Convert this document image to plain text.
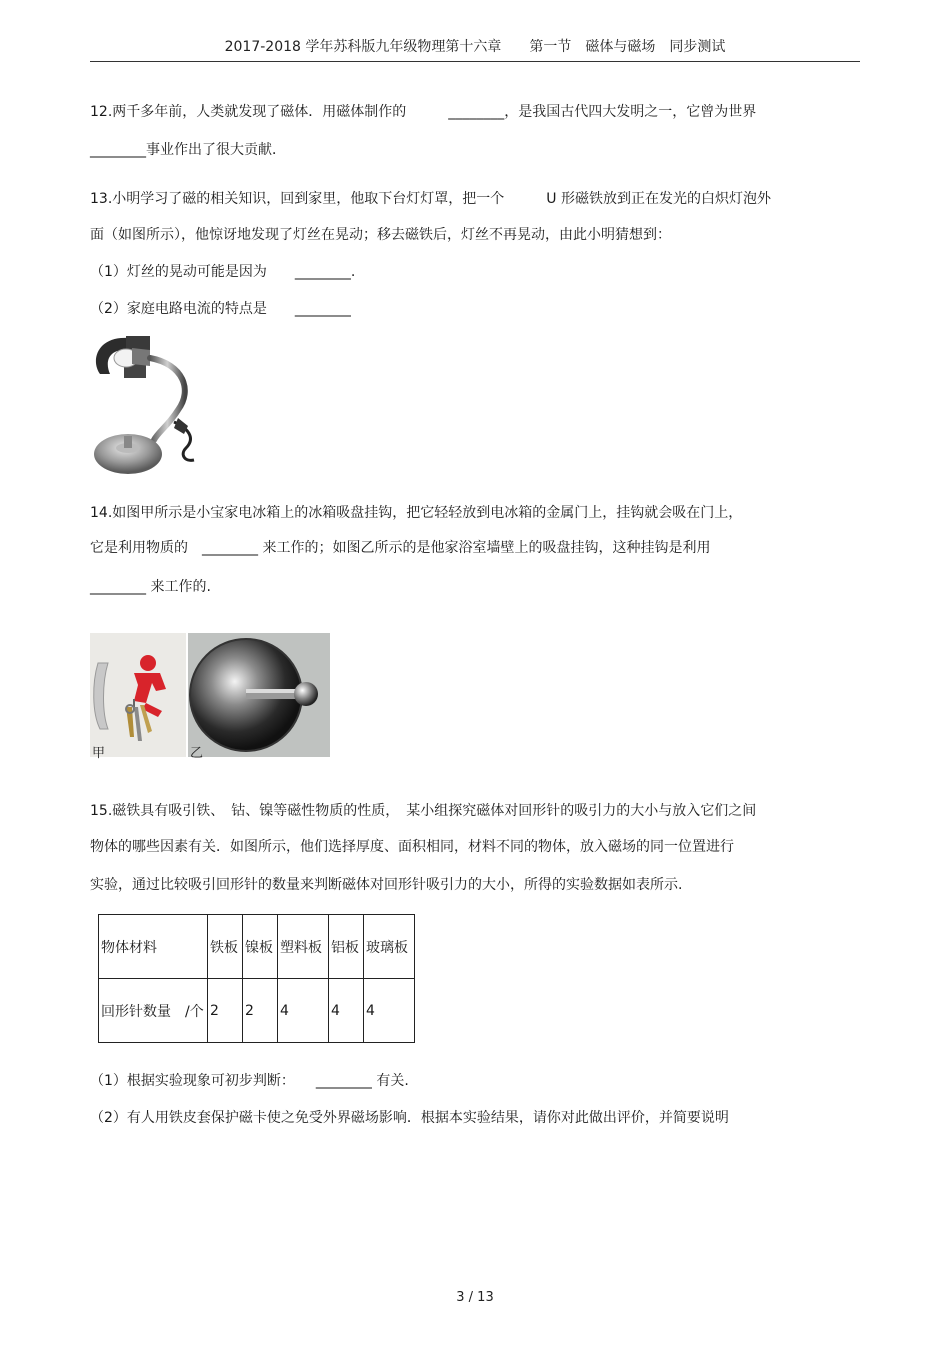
2017-2018 学年苏科版九年级物理第十六章　　第一节　磁体与磁场　同步测试
12.两千多年前，人类就发现了磁体．用磁体制作的　　　________，是我国古代四大发明之一，它曾为世界
________事业作出了很大贡献．
13.小明学习了磁的相关知识，回到家里，他取下台灯灯罩，把一个　　　U 形磁铁放到正在发光的白炽灯泡外
面（如图所示），他惊讶地发现了灯丝在晃动；移去磁铁后，灯丝不再晃动，由此小明猜想到：
（1）灯丝的晃动可能是因为　　________.
（2）家庭电路电流的特点是　　________
14.如图甲所示是小宝家电冰箱上的冰箱吸盘挂钩，把它轻轻放到电冰箱的金属门上，挂钩就会吸在门上，
它是利用物质的　________ 来工作的；如图乙所示的是他家浴室墙壁上的吸盘挂钩，这种挂钩是利用
________ 来工作的.
甲	乙
15.磁铁具有吸引铁、　钴、镍等磁性物质的性质，　某小组探究磁体对回形针的吸引力的大小与放入它们之间
物体的哪些因素有关．如图所示，他们选择厚度、面积相同，材料不同的物体，放入磁场的同一位置进行
实验，通过比较吸引回形针的数量来判断磁体对回形针吸引力的大小，所得的实验数据如表所示.
物体材料	铁板	镍板	塑料板	铝板	玻璃板
回形针数量　/个	2	2	4	4	4
（1）根据实验现象可初步判断：　　________ 有关.
（2）有人用铁皮套保护磁卡使之免受外界磁场影响．根据本实验结果，请你对此做出评价，并简要说明
3 / 13
